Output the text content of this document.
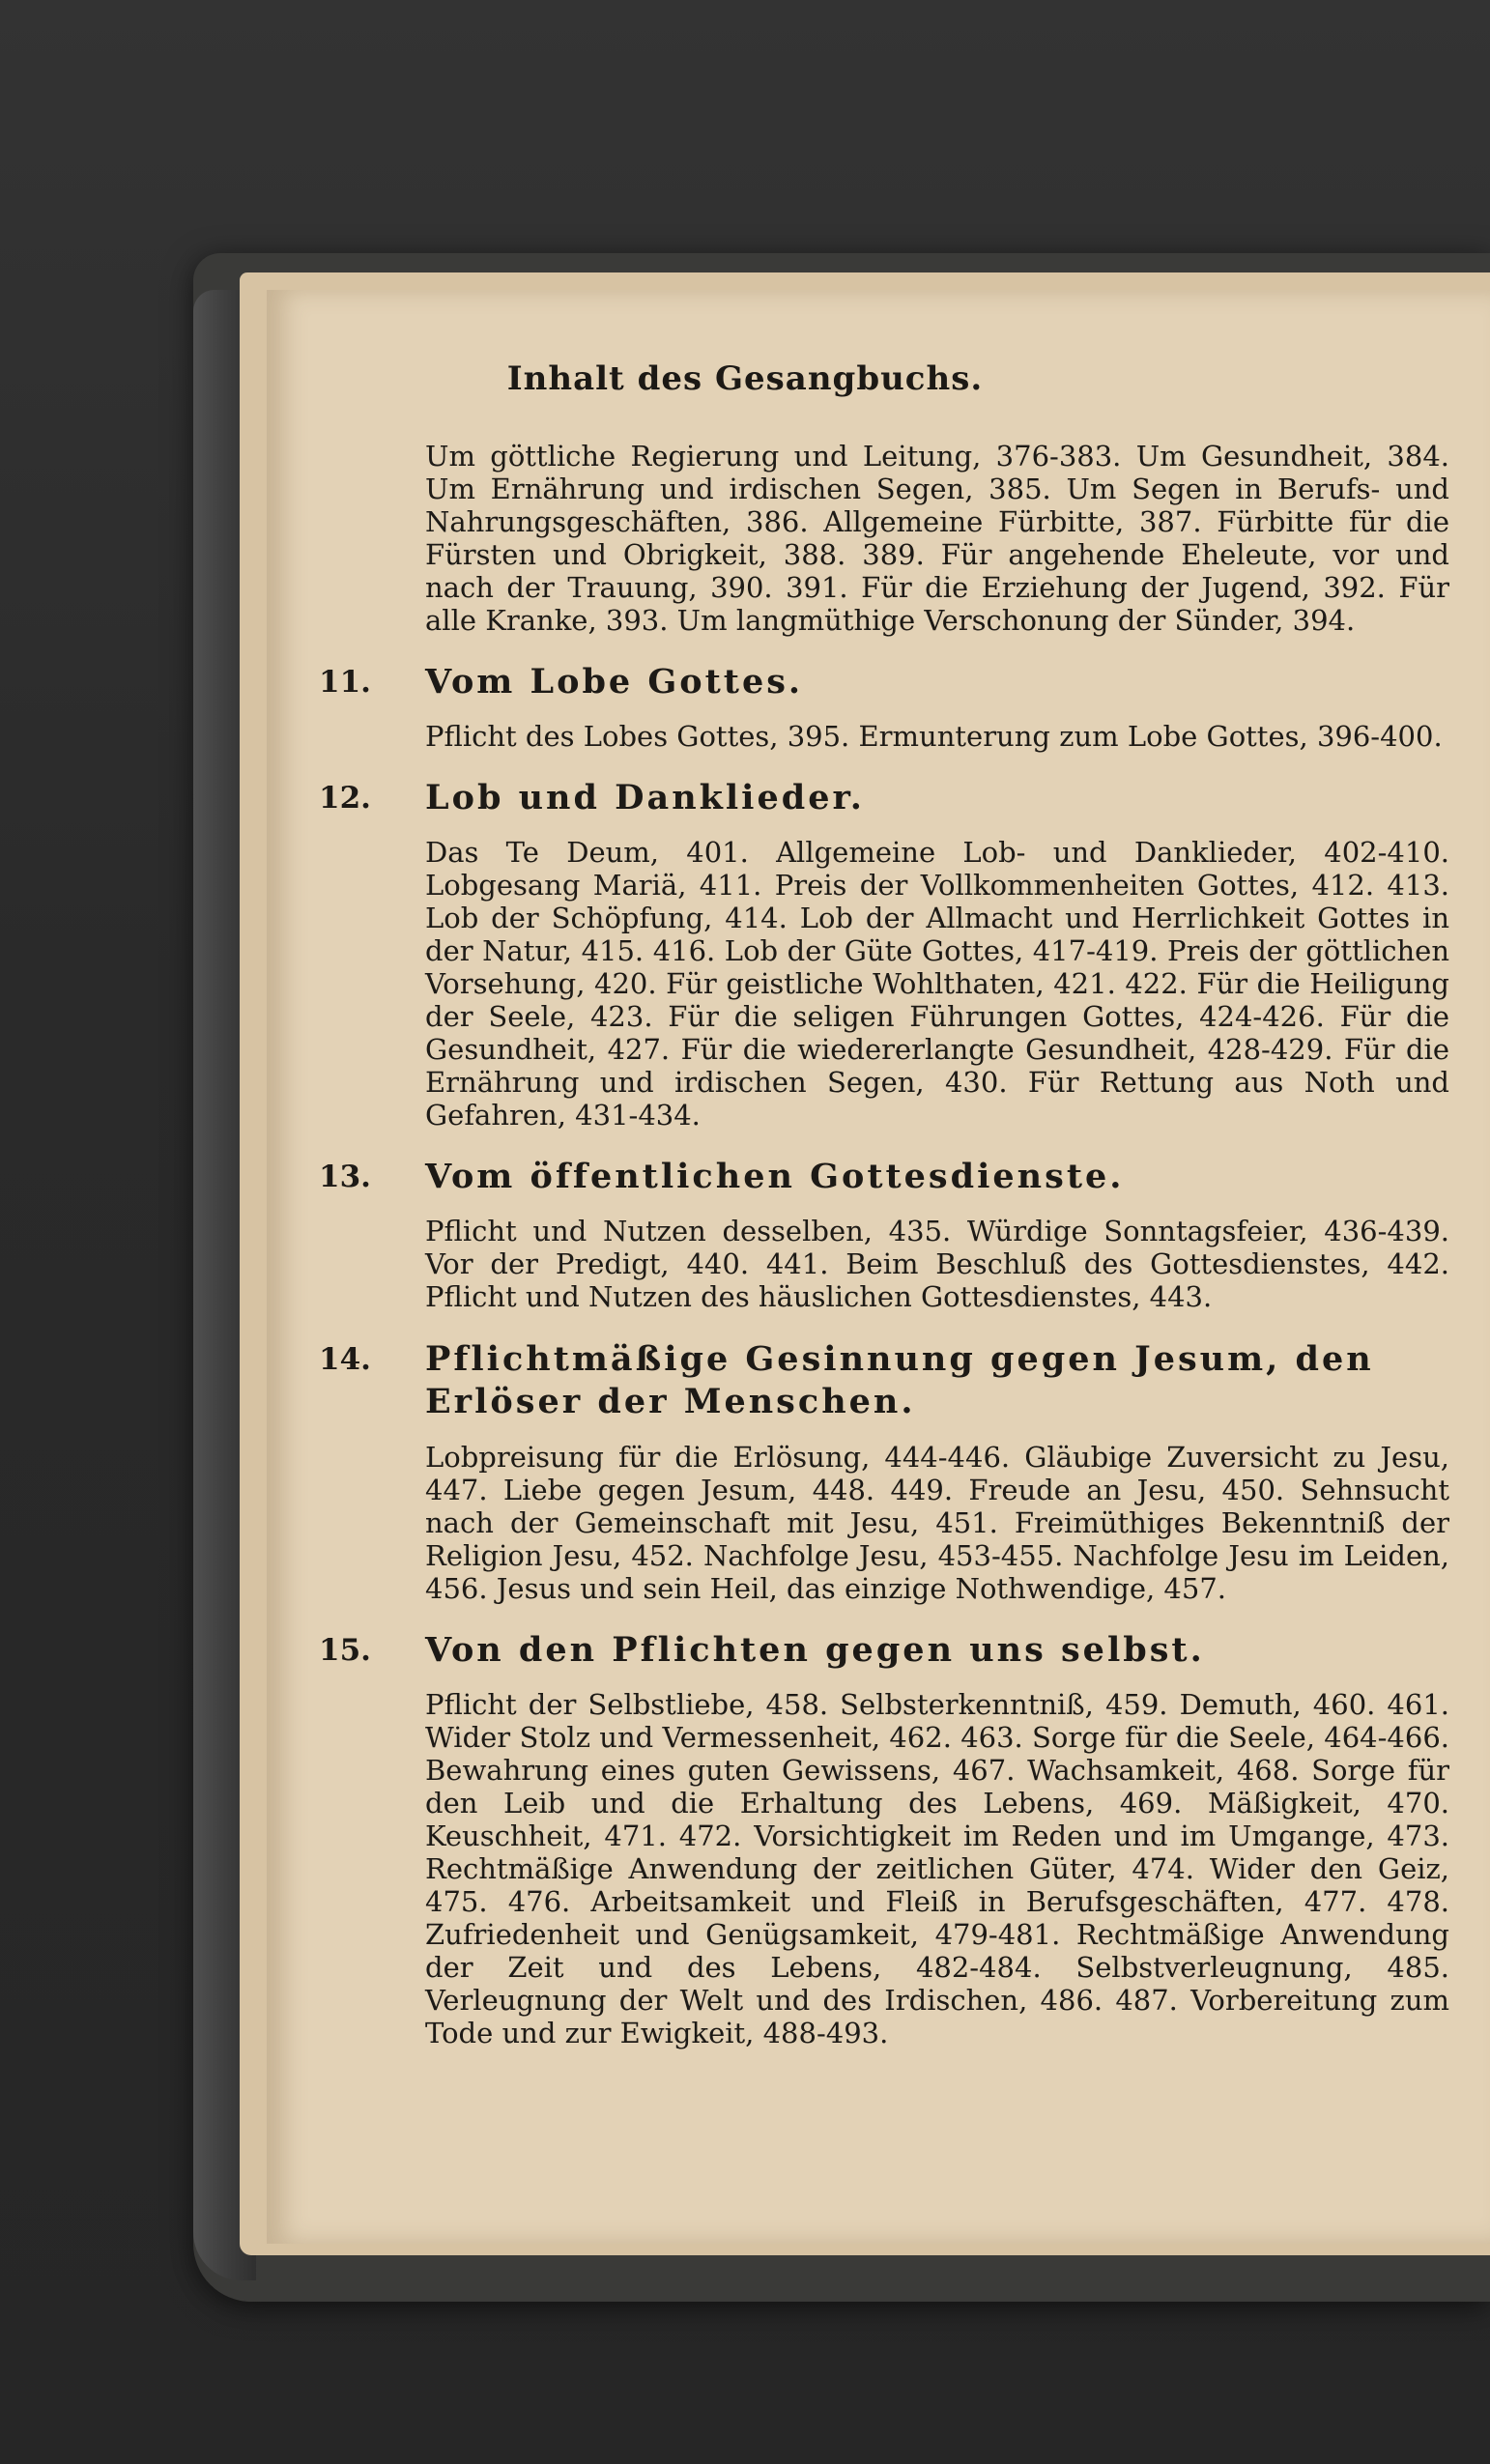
Inhalt des Gesangbuchs.

Um göttliche Regierung und Leitung, 376-383. Um Gesundheit, 384. Um Ernährung und irdischen Segen, 385. Um Segen in Berufs- und Nahrungsgeschäften, 386. Allgemeine Fürbitte, 387. Fürbitte für die Fürsten und Obrigkeit, 388. 389. Für angehende Eheleute, vor und nach der Trauung, 390. 391. Für die Erziehung der Jugend, 392. Für alle Kranke, 393. Um langmüthige Verschonung der Sünder, 394.

11. Vom Lobe Gottes.

Pflicht des Lobes Gottes, 395. Ermunterung zum Lobe Gottes, 396-400.

12. Lob und Danklieder.

Das Te Deum, 401. Allgemeine Lob- und Danklieder, 402-410. Lobgesang Mariä, 411. Preis der Vollkommenheiten Gottes, 412. 413. Lob der Schöpfung, 414. Lob der Allmacht und Herrlichkeit Gottes in der Natur, 415. 416. Lob der Güte Gottes, 417-419. Preis der göttlichen Vorsehung, 420. Für geistliche Wohlthaten, 421. 422. Für die Heiligung der Seele, 423. Für die seligen Führungen Gottes, 424-426. Für die Gesundheit, 427. Für die wiedererlangte Gesundheit, 428-429. Für die Ernährung und irdischen Segen, 430. Für Rettung aus Noth und Gefahren, 431-434.

13. Vom öffentlichen Gottesdienste.

Pflicht und Nutzen desselben, 435. Würdige Sonntagsfeier, 436-439. Vor der Predigt, 440. 441. Beim Beschluß des Gottesdienstes, 442. Pflicht und Nutzen des häuslichen Gottesdienstes, 443.

14. Pflichtmäßige Gesinnung gegen Jesum, den Erlöser der Menschen.

Lobpreisung für die Erlösung, 444-446. Gläubige Zuversicht zu Jesu, 447. Liebe gegen Jesum, 448. 449. Freude an Jesu, 450. Sehnsucht nach der Gemeinschaft mit Jesu, 451. Freimüthiges Bekenntniß der Religion Jesu, 452. Nachfolge Jesu, 453-455. Nachfolge Jesu im Leiden, 456. Jesus und sein Heil, das einzige Nothwendige, 457.

15. Von den Pflichten gegen uns selbst.

Pflicht der Selbstliebe, 458. Selbsterkenntniß, 459. Demuth, 460. 461. Wider Stolz und Vermessenheit, 462. 463. Sorge für die Seele, 464-466. Bewahrung eines guten Gewissens, 467. Wachsamkeit, 468. Sorge für den Leib und die Erhaltung des Lebens, 469. Mäßigkeit, 470. Keuschheit, 471. 472. Vorsichtigkeit im Reden und im Umgange, 473. Rechtmäßige Anwendung der zeitlichen Güter, 474. Wider den Geiz, 475. 476. Arbeitsamkeit und Fleiß in Berufsgeschäften, 477. 478. Zufriedenheit und Genügsamkeit, 479-481. Rechtmäßige Anwendung der Zeit und des Lebens, 482-484. Selbstverleugnung, 485. Verleugnung der Welt und des Irdischen, 486. 487. Vorbereitung zum Tode und zur Ewigkeit, 488-493.
